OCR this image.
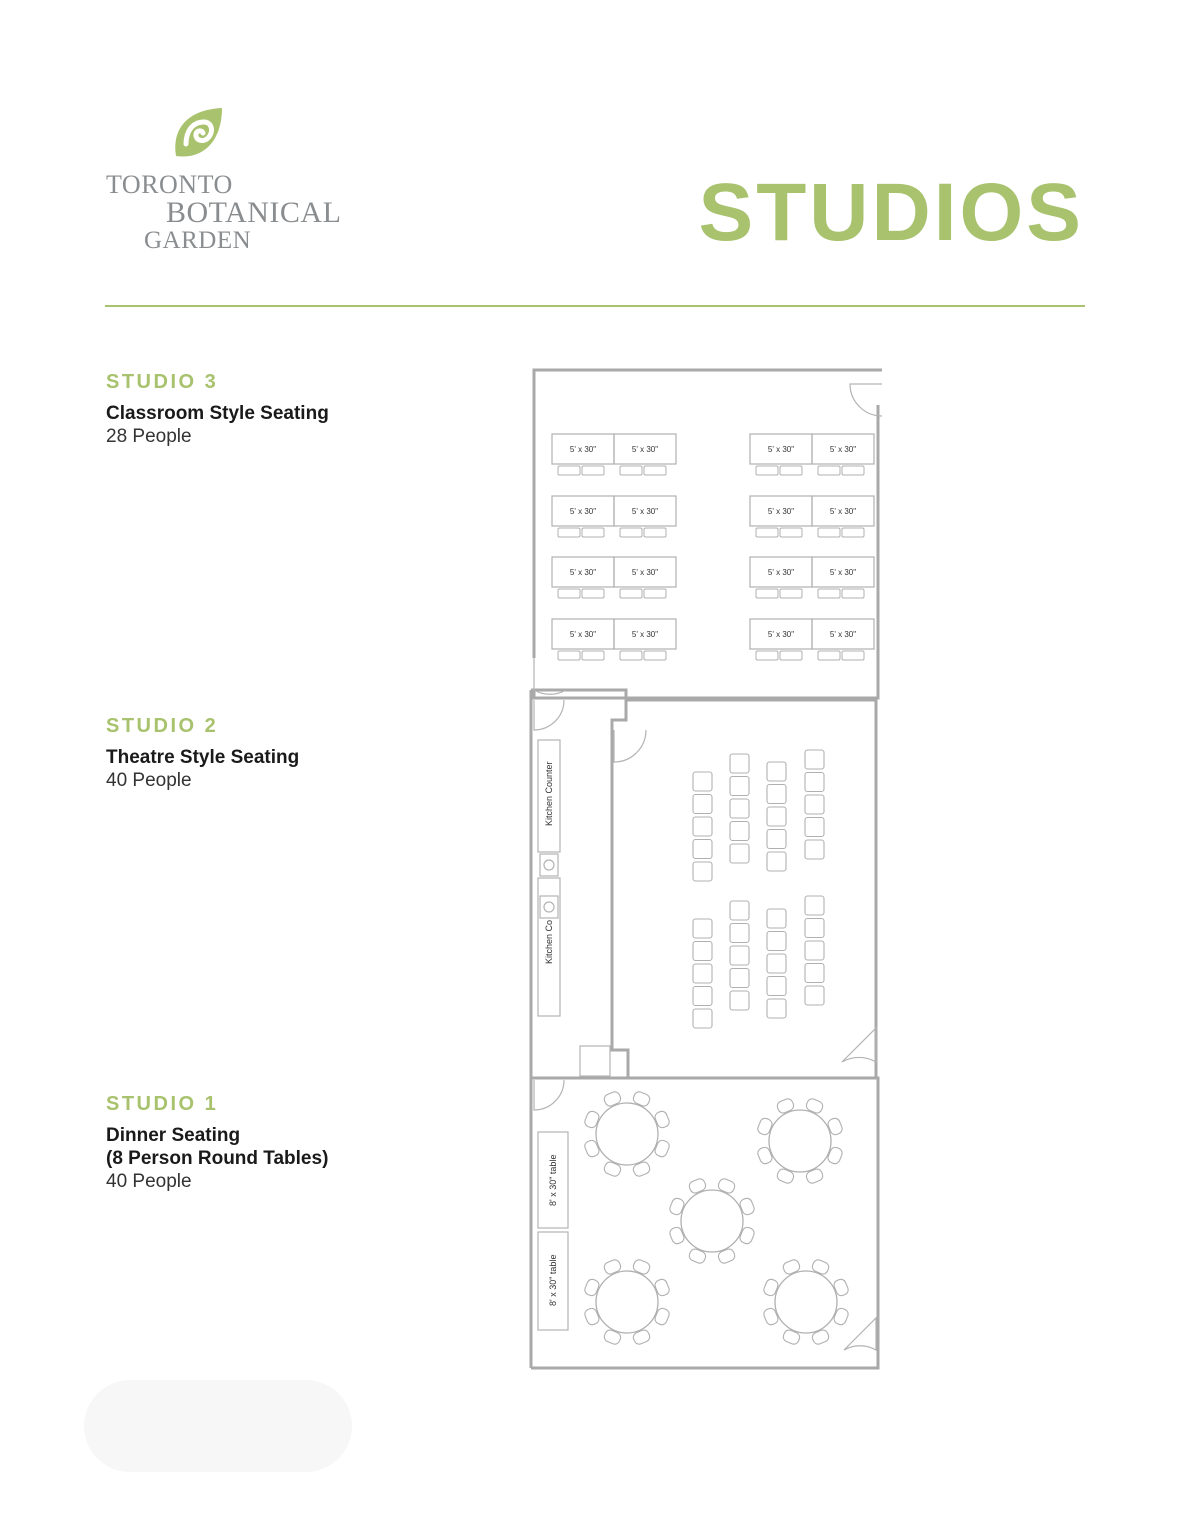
TORONTO
BOTANICAL
GARDEN	STUDIOS
STUDIO 3
Classroom Style Seating
28 People
STUDIO 2
Theatre Style Seating
40 People
STUDIO 1
Dinner Seating
(8 Person Round Tables)
40 People
Kitchen Counter
Kitchen Co
8' x 30" table
8' x 30" table
5' x 30"	5' x 30"	5' x 30"	5' x 30"
5' x 30"	5' x 30"	5' x 30"	5' x 30"
5' x 30"	5' x 30"	5' x 30"	5' x 30"
5' x 30"	5' x 30"	5' x 30"	5' x 30"
